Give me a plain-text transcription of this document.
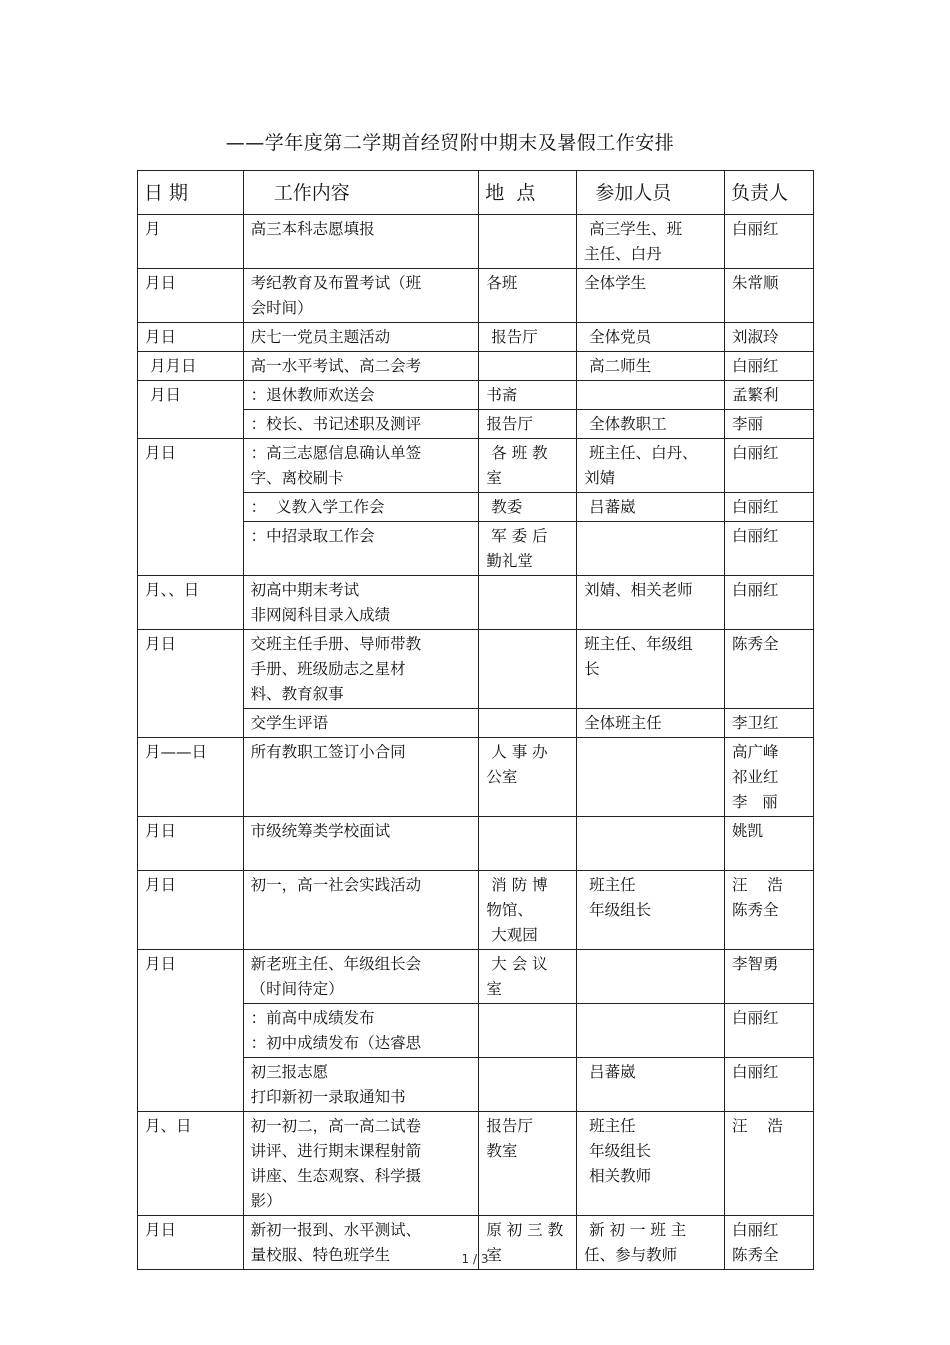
——学年度第二学期首经贸附中期末及暑假工作安排
日 期	工作内容	地  点	参加人员	负责人

月	高三本科志愿填报		高三学生、班
主任、白丹	白丽红

月日	考纪教育及布置考试（班
会时间）	各班	全体学生	朱常顺

月日	庆七一党员主题活动	报告厅	全体党员	刘淑玲

月月日	高一水平考试、高二会考		高二师生	白丽红

月日	：退休教师欢送会	书斋		孟繁利

	：校长、书记述职及测评	报告厅	全体教职工	李丽

月日	：高三志愿信息确认单签
字、离校刷卡	各 班 教
室	班主任、白丹、
刘婧	白丽红

	：  义教入学工作会	教委	吕蕃崴	白丽红

	：中招录取工作会	军 委 后
勤礼堂		白丽红

月、、日	初高中期末考试
非网阅科目录入成绩		刘婧、相关老师	白丽红

月日	交班主任手册、导师带教
手册、班级励志之星材
料、教育叙事		班主任、年级组
长	陈秀全

	交学生评语		全体班主任	李卫红

月——日	所有教职工签订小合同	人 事 办
公室		高广峰
祁业红
李   丽

月日	市级统筹类学校面试			姚凯

月日	初一，高一社会实践活动	消 防 博
物馆、
大观园	班主任
年级组长	汪    浩
陈秀全

月日	新老班主任、年级组长会
（时间待定）	大 会 议
室		李智勇

	：前高中成绩发布
：初中成绩发布（达睿思			白丽红

	初三报志愿
打印新初一录取通知书		吕蕃崴	白丽红

月、日	初一初二，高一高二试卷
讲评、进行期末课程射箭
讲座、生态观察、科学摄
影）	报告厅
教室	班主任
年级组长
相关教师	汪    浩

月日	新初一报到、水平测试、
量校服、特色班学生	原 初 三 教
室	新 初 一 班 主
任、参与教师	白丽红
陈秀全
1 / 3
